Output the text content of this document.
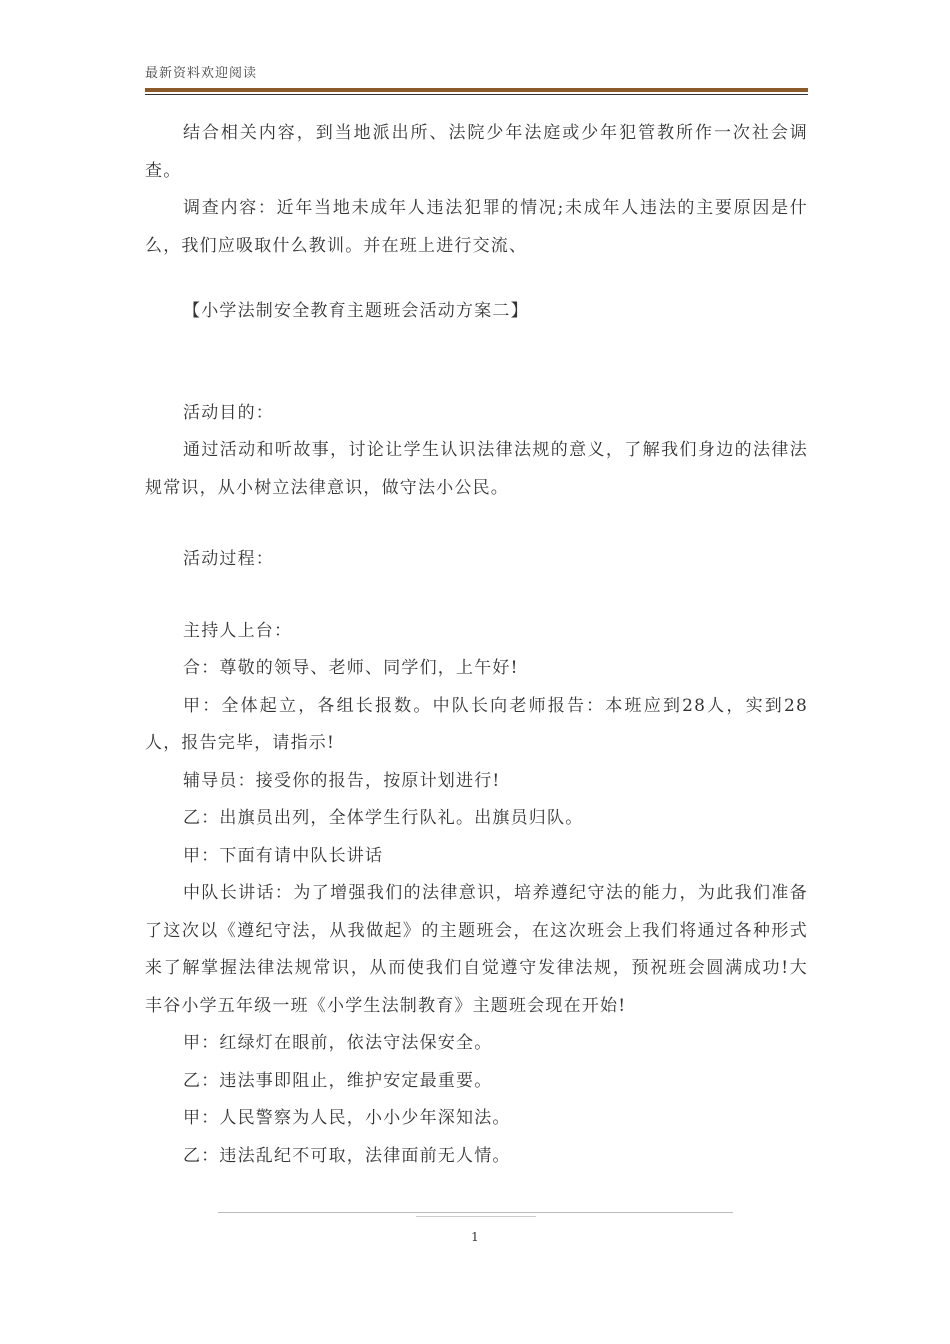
最新资料欢迎阅读

结合相关内容，到当地派出所、法院少年法庭或少年犯管教所作一次社会调查。

调查内容：近年当地未成年人违法犯罪的情况;未成年人违法的主要原因是什么，我们应吸取什么教训。并在班上进行交流、

【小学法制安全教育主题班会活动方案二】

活动目的：

通过活动和听故事，讨论让学生认识法律法规的意义，了解我们身边的法律法规常识，从小树立法律意识，做守法小公民。

活动过程：

主持人上台：

合：尊敬的领导、老师、同学们，上午好!

甲：全体起立，各组长报数。中队长向老师报告：本班应到28人，实到28人，报告完毕，请指示!

辅导员：接受你的报告，按原计划进行!

乙：出旗员出列，全体学生行队礼。出旗员归队。

甲：下面有请中队长讲话

中队长讲话：为了增强我们的法律意识，培养遵纪守法的能力，为此我们准备了这次以《遵纪守法，从我做起》的主题班会，在这次班会上我们将通过各种形式来了解掌握法律法规常识，从而使我们自觉遵守发律法规，预祝班会圆满成功!大丰谷小学五年级一班《小学生法制教育》主题班会现在开始!

甲：红绿灯在眼前，依法守法保安全。

乙：违法事即阻止，维护安定最重要。

甲：人民警察为人民，小小少年深知法。

乙：违法乱纪不可取，法律面前无人情。

1
